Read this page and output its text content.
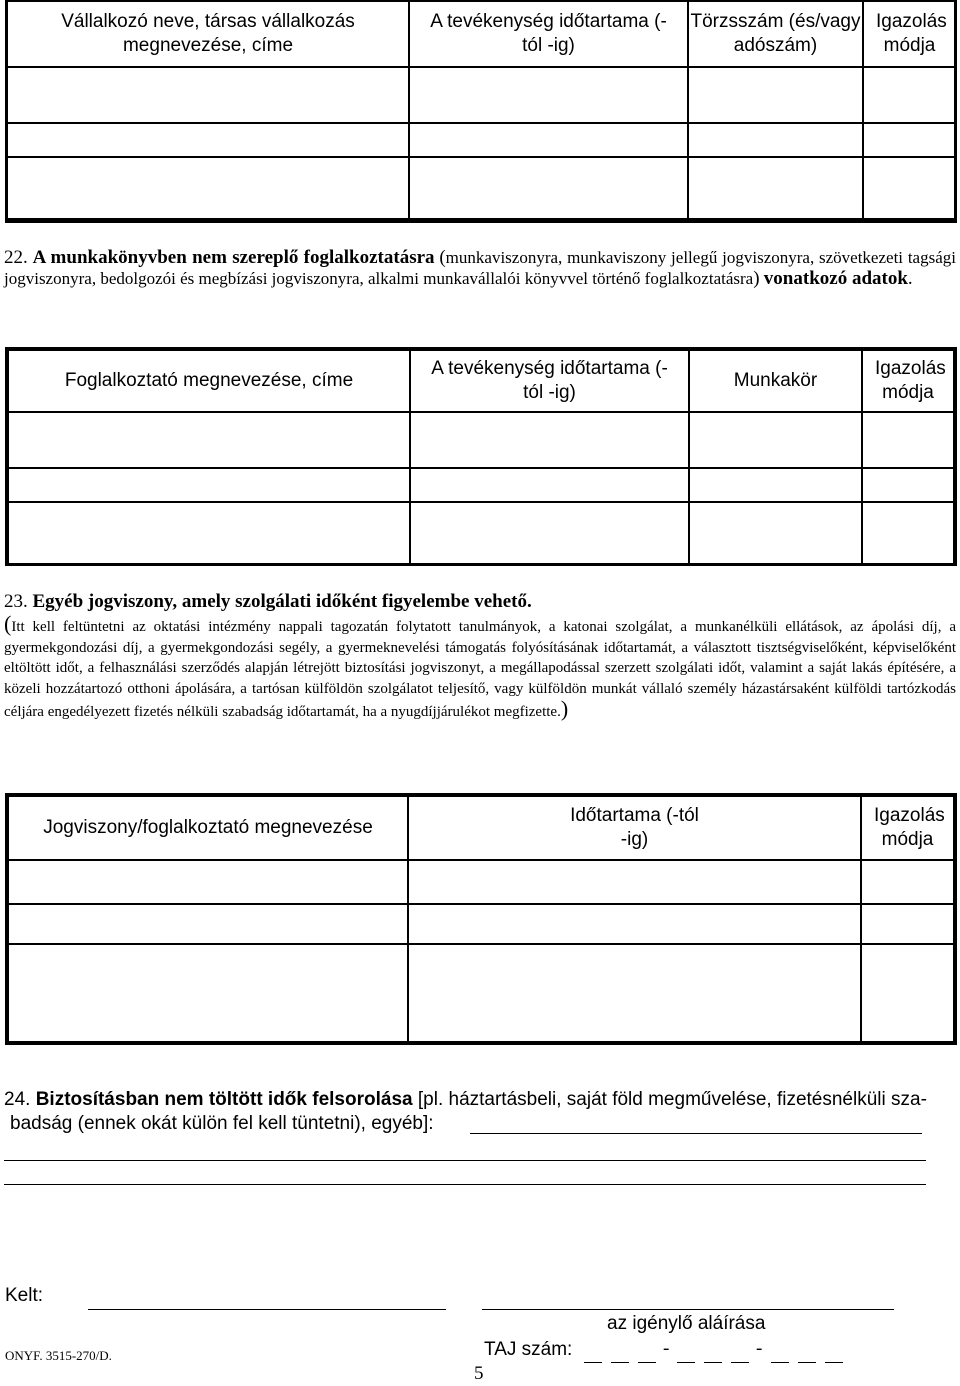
Vállalkozó neve, társas vállalkozás megnevezése, címe	A tevékenység időtartama (-tól -ig)	Törzsszám (és/vagy adószám)	Igazolás módja

22. A munkakönyvben nem szereplő foglalkoztatásra (munkaviszonyra, munkaviszony jellegű jogviszonyra, szövetkezeti tagsági jogviszonyra, bedolgozói és megbízási jogviszonyra, alkalmi munkavállalói könyvvel történő foglalkoztatásra) vonatkozó adatok.
Foglalkoztató megnevezése, címe	A tevékenység időtartama (-tól -ig)	Munkakör	Igazolás módja

23. Egyéb jogviszony, amely szolgálati időként figyelembe vehető.
(Itt kell feltüntetni az oktatási intézmény nappali tagozatán folytatott tanulmányok, a katonai szolgálat, a munkanélküli ellátások, az ápolási díj, a gyermekgondozási díj, a gyermekgondozási segély, a gyermeknevelési támogatás folyósításának időtartamát, a választott tisztségviselőként, képviselőként eltöltött időt, a felhasználási szerződés alapján létrejött biztosítási jogviszonyt, a megállapodással szerzett szolgálati időt, valamint a saját lakás építésére, a közeli hozzátartozó otthoni ápolására, a tartósan külföldön szolgálatot teljesítő, vagy külföldön munkát vállaló személy házastársaként külföldi tartózkodás céljára engedélyezett fizetés nélküli szabadság időtartamát, ha a nyugdíjjárulékot megfizette.)
Jogviszony/foglalkoztató megnevezése	Időtartama (-tól -ig)	Igazolás módja

24. Biztosításban nem töltött idők felsorolása [pl. háztartásbeli, saját föld megművelése, fizetésnélküli sza-
badság (ennek okát külön fel kell tüntetni), egyéb]:
Kelt:
az igénylő aláírása
ONYF. 3515-270/D.	TAJ szám:	-	-
5
